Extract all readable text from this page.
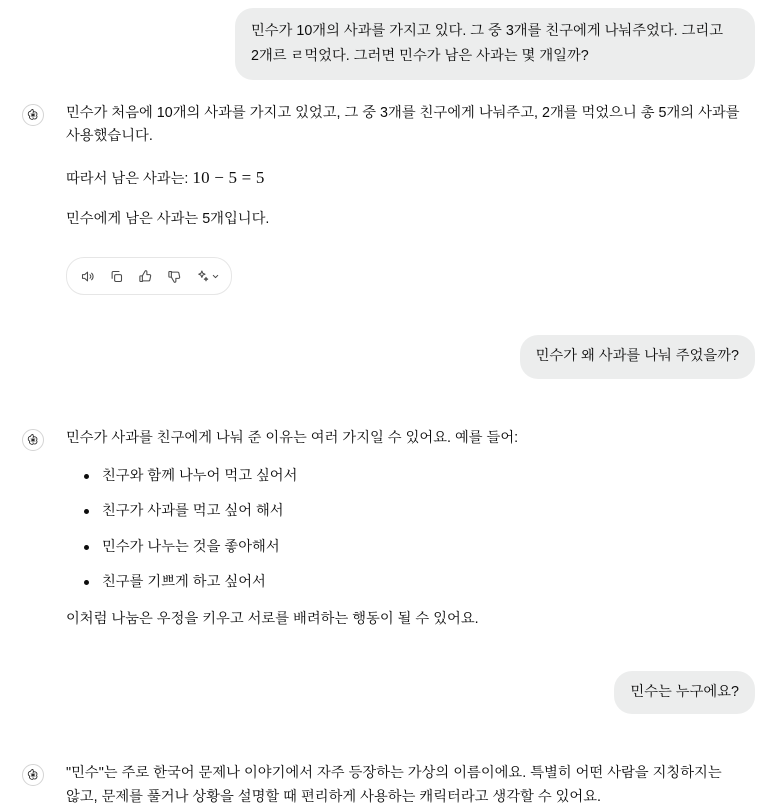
민수가 10개의 사과를 가지고 있다. 그 중 3개를 친구에게 나눠주었다. 그리고 2개르 ㄹ먹었다. 그러면 민수가 남은 사과는 몇 개일까?

민수가 처음에 10개의 사과를 가지고 있었고, 그 중 3개를 친구에게 나눠주고, 2개를 먹었으니 총 5개의 사과를 사용했습니다.

따라서 남은 사과는: 10 − 5 = 5

민수에게 남은 사과는 5개입니다.

민수가 왜 사과를 나눠 주었을까?

민수가 사과를 친구에게 나눠 준 이유는 여러 가지일 수 있어요. 예를 들어:

친구와 함께 나누어 먹고 싶어서
친구가 사과를 먹고 싶어 해서
민수가 나누는 것을 좋아해서
친구를 기쁘게 하고 싶어서

이처럼 나눔은 우정을 키우고 서로를 배려하는 행동이 될 수 있어요.

민수는 누구에요?

"민수"는 주로 한국어 문제나 이야기에서 자주 등장하는 가상의 이름이에요. 특별히 어떤 사람을 지칭하지는 않고, 문제를 풀거나 상황을 설명할 때 편리하게 사용하는 캐릭터라고 생각할 수 있어요.
